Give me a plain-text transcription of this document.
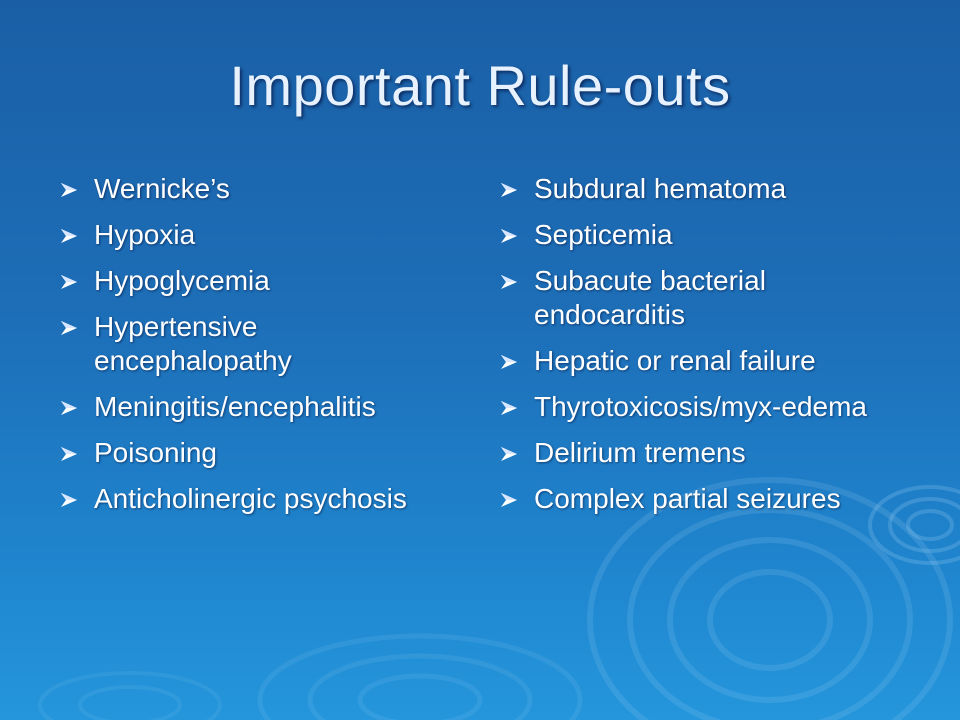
Important Rule-outs
Wernicke’s
Hypoxia
Hypoglycemia
Hypertensive encephalopathy
Meningitis/encephalitis
Poisoning
Anticholinergic psychosis
Subdural hematoma
Septicemia
Subacute bacterial endocarditis
Hepatic or renal failure
Thyrotoxicosis/myx-edema
Delirium tremens
Complex partial seizures
